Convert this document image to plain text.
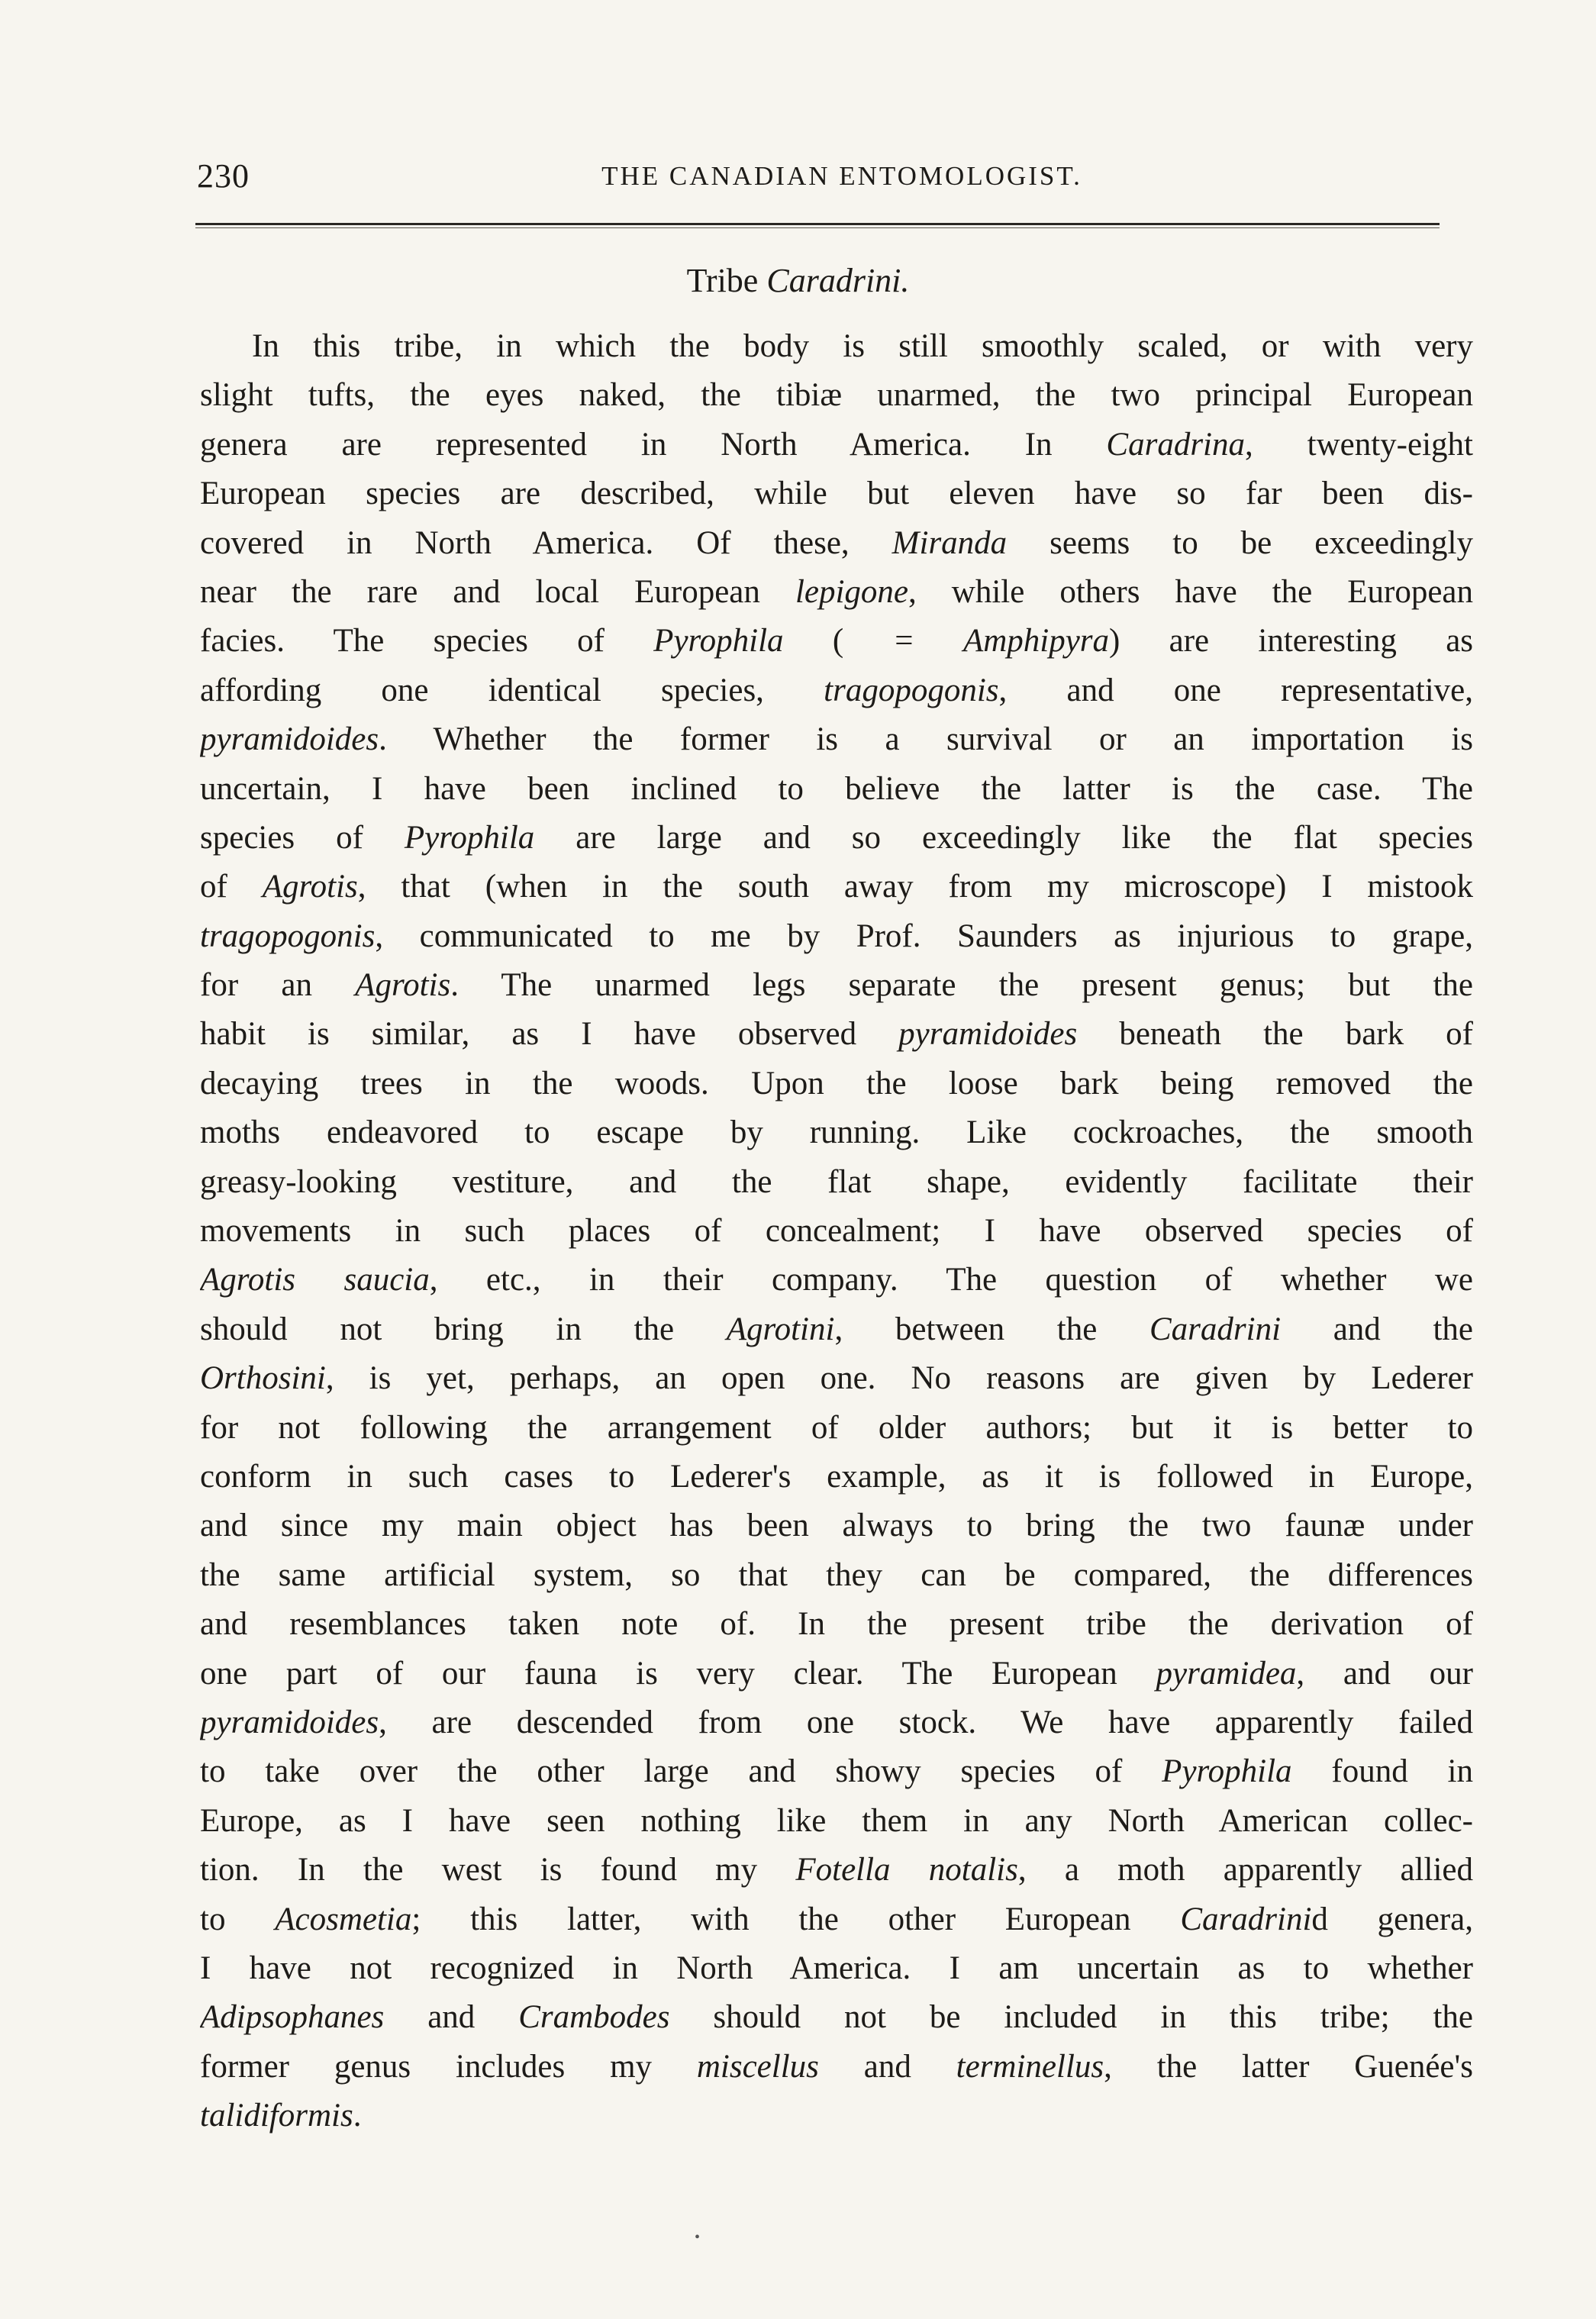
230	THE CANADIAN ENTOMOLOGIST.
Tribe Caradrini.
In this tribe, in which the body is still smoothly scaled, or with very
slight tufts, the eyes naked, the tibiæ unarmed, the two principal European
genera are represented in North America. In Caradrina, twenty-eight
European species are described, while but eleven have so far been dis-
covered in North America. Of these, Miranda seems to be exceedingly
near the rare and local European lepigone, while others have the European
facies. The species of Pyrophila ( = Amphipyra) are interesting as
affording one identical species, tragopogonis, and one representative,
pyramidoides. Whether the former is a survival or an importation is
uncertain, I have been inclined to believe the latter is the case. The
species of Pyrophila are large and so exceedingly like the flat species
of Agrotis, that (when in the south away from my microscope) I mistook
tragopogonis, communicated to me by Prof. Saunders as injurious to grape,
for an Agrotis. The unarmed legs separate the present genus; but the
habit is similar, as I have observed pyramidoides beneath the bark of
decaying trees in the woods. Upon the loose bark being removed the
moths endeavored to escape by running. Like cockroaches, the smooth
greasy-looking vestiture, and the flat shape, evidently facilitate their
movements in such places of concealment; I have observed species of
Agrotis saucia, etc., in their company. The question of whether we
should not bring in the Agrotini, between the Caradrini and the
Orthosini, is yet, perhaps, an open one. No reasons are given by Lederer
for not following the arrangement of older authors; but it is better to
conform in such cases to Lederer's example, as it is followed in Europe,
and since my main object has been always to bring the two faunæ under
the same artificial system, so that they can be compared, the differences
and resemblances taken note of. In the present tribe the derivation of
one part of our fauna is very clear. The European pyramidea, and our
pyramidoides, are descended from one stock. We have apparently failed
to take over the other large and showy species of Pyrophila found in
Europe, as I have seen nothing like them in any North American collec-
tion. In the west is found my Fotella notalis, a moth apparently allied
to Acosmetia; this latter, with the other European Caradrinid genera,
I have not recognized in North America. I am uncertain as to whether
Adipsophanes and Crambodes should not be included in this tribe; the
former genus includes my miscellus and terminellus, the latter Guenée's
talidiformis.
•
